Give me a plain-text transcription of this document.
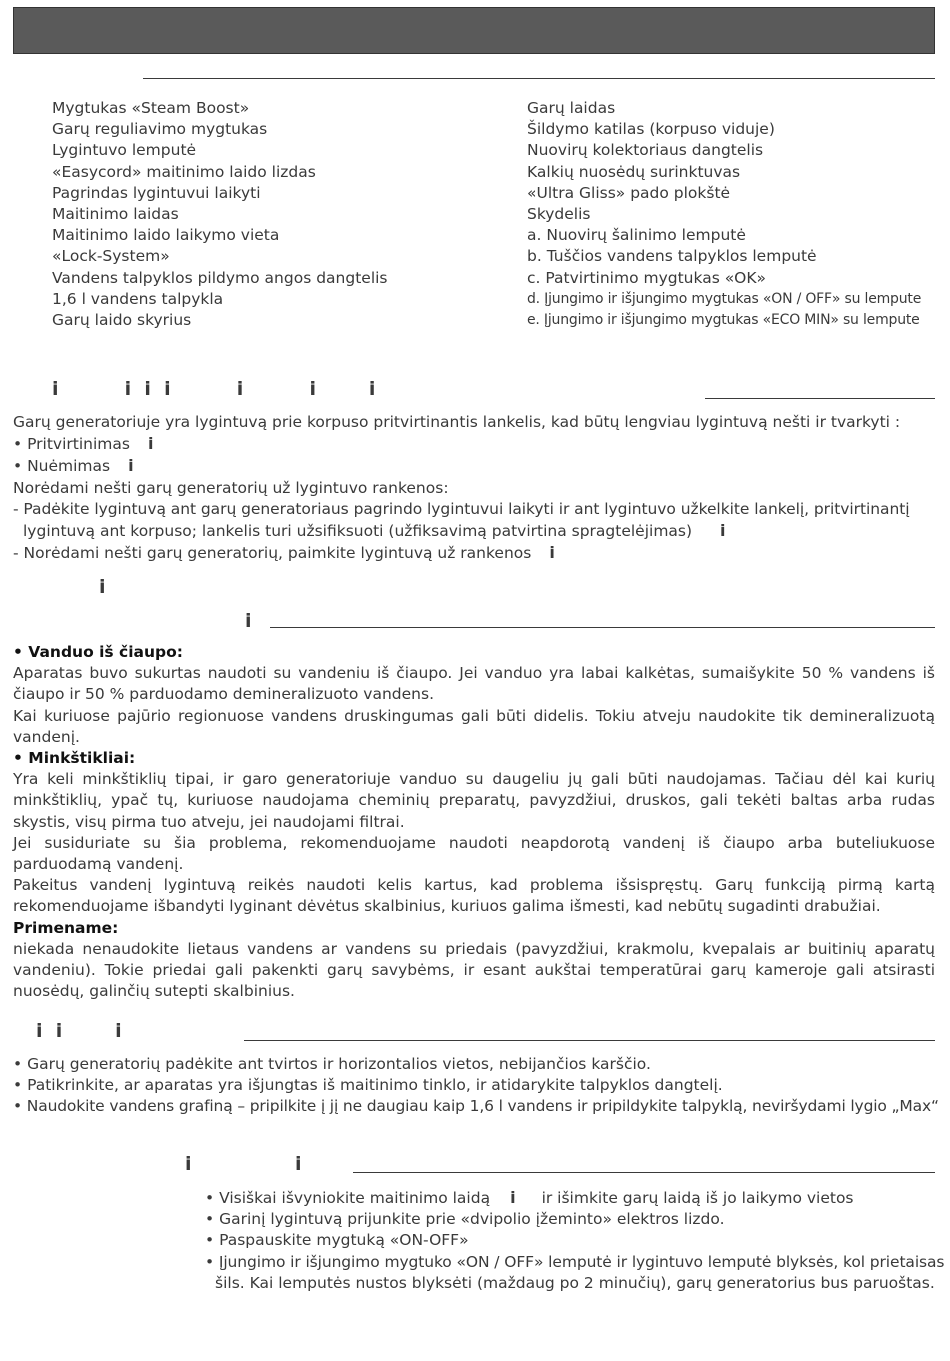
Mygtukas «Steam Boost»
Garų reguliavimo mygtukas
Lygintuvo lemputė
«Easycord» maitinimo laido lizdas
Pagrindas lygintuvui laikyti
Maitinimo laidas
Maitinimo laido laikymo vieta
«Lock-System»
Vandens talpyklos pildymo angos dangtelis
1,6 l vandens talpykla
Garų laido skyrius
Garų laidas
Šildymo katilas (korpuso viduje)
Nuovirų kolektoriaus dangtelis
Kalkių nuosėdų surinktuvas
«Ultra Gliss» pado plokštė
Skydelis
a. Nuovirų šalinimo lemputė
b. Tuščios vandens talpyklos lemputė
c. Patvirtinimo mygtukas «OK»
d. Įjungimo ir išjungimo mygtukas «ON / OFF» su lempute
e. Įjungimo ir išjungimo mygtukas «ECO MIN» su lempute
i          i  i  i          i          i        i
Garų generatoriuje yra lygintuvą prie korpuso pritvirtinantis lankelis, kad būtų lengviau lygintuvą nešti ir tvarkyti :
• Pritvirtinimas i
• Nuėmimas i
Norėdami nešti garų generatorių už lygintuvo rankenos:
- Padėkite lygintuvą ant garų generatoriaus pagrindo lygintuvui laikyti ir ant lygintuvo užkelkite lankelį, pritvirtinantį
lygintuvą ant korpuso; lankelis turi užsifiksuoti (užfiksavimą patvirtina spragtelėjimas) i
- Norėdami nešti garų generatorių, paimkite lygintuvą už rankenos i
i
i
• Vanduo iš čiaupo:
Aparatas buvo sukurtas naudoti su vandeniu iš čiaupo. Jei vanduo yra labai kalkėtas, sumaišykite 50 % vandens iš čiaupo ir 50 % parduodamo demineralizuoto vandens.
Kai kuriuose pajūrio regionuose vandens druskingumas gali būti didelis. Tokiu atveju naudokite tik demineralizuotą vandenį.
• Minkštikliai:
Yra keli minkštiklių tipai, ir garo generatoriuje vanduo su daugeliu jų gali būti naudojamas. Tačiau dėl kai kurių minkštiklių, ypač tų, kuriuose naudojama cheminių preparatų, pavyzdžiui, druskos, gali tekėti baltas arba rudas skystis, visų pirma tuo atveju, jei naudojami filtrai.
Jei susiduriate su šia problema, rekomenduojame naudoti neapdorotą vandenį iš čiaupo arba buteliukuose parduodamą vandenį.
Pakeitus vandenį lygintuvą reikės naudoti kelis kartus, kad problema išsispręstų. Garų funkciją pirmą kartą rekomenduojame išbandyti lyginant dėvėtus skalbinius, kuriuos galima išmesti, kad nebūtų sugadinti drabužiai.
Primename:
niekada nenaudokite lietaus vandens ar vandens su priedais (pavyzdžiui, krakmolu, kvepalais ar buitinių aparatų vandeniu). Tokie priedai gali pakenkti garų savybėms, ir esant aukštai temperatūrai garų kameroje gali atsirasti nuosėdų, galinčių sutepti skalbinius.
i  i        i
• Garų generatorių padėkite ant tvirtos ir horizontalios vietos, nebijančios karščio.
• Patikrinkite, ar aparatas yra išjungtas iš maitinimo tinklo, ir atidarykite talpyklos dangtelį.
• Naudokite vandens grafiną – pripilkite į jį ne daugiau kaip 1,6 l vandens ir pripildykite talpyklą, neviršydami lygio „Max“
i	i
• Visiškai išvyniokite maitinimo laidą i ir išimkite garų laidą iš jo laikymo vietos
• Garinį lygintuvą prijunkite prie «dvipolio įžeminto» elektros lizdo.
• Paspauskite mygtuką «ON-OFF»
• Įjungimo ir išjungimo mygtuko «ON / OFF» lemputė ir lygintuvo lemputė blyksės, kol prietaisas
šils. Kai lemputės nustos blyksėti (maždaug po 2 minučių), garų generatorius bus paruoštas.
